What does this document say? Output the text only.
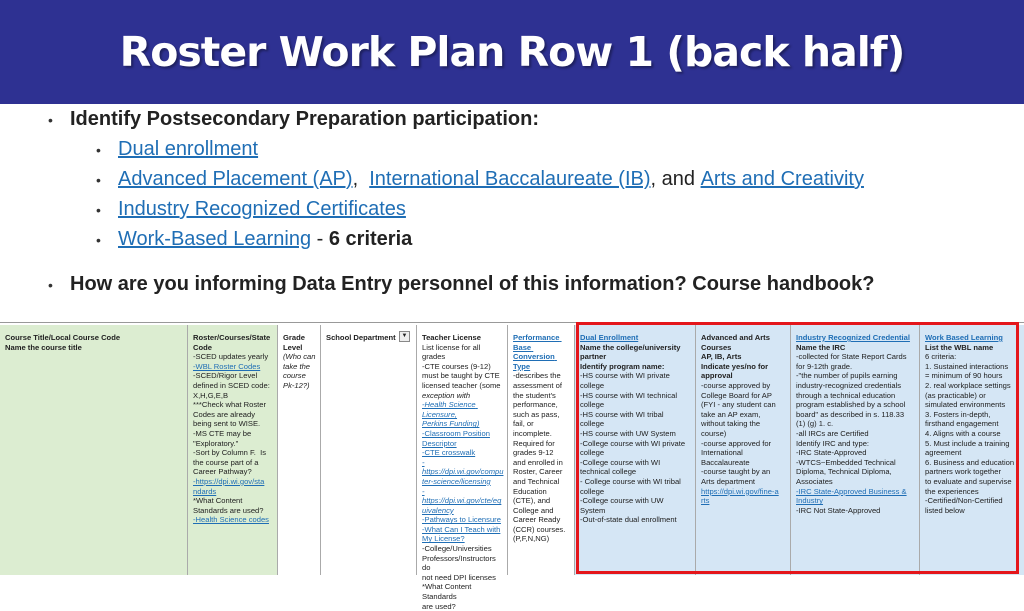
Roster Work Plan Row 1 (back half)
• Identify Postsecondary Preparation participation:
• Dual enrollment
• Advanced Placement (AP) , International Baccalaureate (IB) , and Arts and Creativity
• Industry Recognized Certificates
• Work-Based Learning - 6 criteria
• How are you informing Data Entry personnel of this information? Course handbook?
Course Title/Local Course Code
Name the course title
Roster/Courses/State Code
-SCED updates yearly
-WBL Roster Codes
-SCED/Rigor Level
defined in SCED code:
X,H,G,E,B
***Check what Roster
Codes are already
being sent to WISE.
-MS CTE may be
"Exploratory."
-Sort by Column F.  Is
the course part of a
Career Pathway?
-https://dpi.wi.gov/sta
ndards
*What Content
Standards are used?
-Health Science codes
Grade
Level
(Who can
take the
course
Pk-12?)
School Department ▼	Teacher License
List license for all
grades
-CTE courses (9-12)
must be taught by CTE
licensed teacher (some
exception with
-Health Science Licensure,
Perkins Funding)
-Classroom Position
Descriptor
-CTE crosswalk
-https://dpi.wi.gov/compu
ter-science/licensing
-https://dpi.wi.gov/cte/eq
uivalency
-Pathways to Licensure
-What Can I Teach with
My License?
-College/Universities
Professors/Instructors do
not need DPI licenses
*What Content Standards
are used?
Performance Base Conversion Type
-describes the
assessment of
the student's
performance,
such as pass,
fail, or
incomplete.
Required for
grades 9-12
and enrolled in
Roster, Career
and Technical
Education
(CTE), and
College and
Career Ready
(CCR) courses.
(P,F,N,NG)
Dual Enrollment
Name the college/university
partner
Identify program name:
-HS course with WI private
college
-HS course with WI technical
college
-HS course with WI tribal
college
-HS course with UW System
-College course with WI private
college
-College course with WI
technical college
- College course with WI tribal
college
-College course with UW
System
-Out-of-state dual enrollment
Advanced and Arts
Courses
AP, IB, Arts
Indicate yes/no for
approval
-course approved by
College Board for AP
(FYI - any student can
take an AP exam,
without taking the
course)
-course approved for
International
Baccalaureate
-course taught by an
Arts department
https://dpi.wi.gov/fine-a
rts
Industry Recognized Credential
Name the IRC
-collected for State Report Cards
for 9-12th grade.
-"the number of pupils earning
industry-recognized credentials
through a technical education
program established by a school
board" as described in s. 118.33
(1) (g) 1. c.
-all IRCs are Certified
Identify IRC and type:
-IRC State-Approved
-WTCS~Embedded Technical
Diploma, Technical Diploma,
Associates
-IRC State-Approved Business &
Industry
-IRC Not State-Approved
Work Based Learning
List the WBL name
6 criteria:
1. Sustained interactions
= minimum of 90 hours
2. real workplace settings
(as practicable) or
simulated environments
3. Fosters in-depth,
firsthand engagement
4. Aligns with a course
5. Must include a training
agreement
6. Business and education
partners work together
to evaluate and supervise
the experiences
-Certified/Non-Certified
listed below
